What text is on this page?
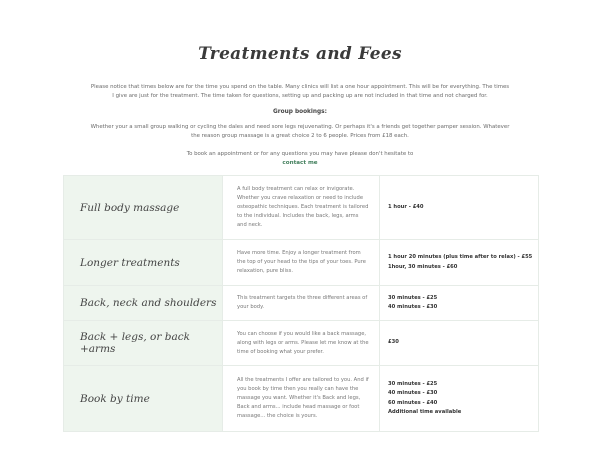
Treatments and Fees

Please notice that times below are for the time you spend on the table. Many clinics will list a one hour appointment. This will be for everything. The times I give are just for the treatment. The time taken for questions, setting up and packing up are not included in that time and not charged for.

Group bookings:

Whether your a small group walking or cycling the dales and need sore legs rejuvenating. Or perhaps it's a friends get together pamper session. Whatever the reason group massage is a great choice 2 to 6 people. Prices from £18 each.

To book an appointment or for any questions you may have please don't hesitate to
contact me
Full body massage
A full body treatment can relax or invigorate. Whether you crave relaxation or need to include osteopathic techniques. Each treatment is tailored to the individual. Includes the back, legs, arms and neck.
1 hour - £40
Longer treatments
Have more time. Enjoy a longer treatment from the top of your head to the tips of your toes. Pure relaxation, pure bliss.
1 hour 20 minutes (plus time after to relax) - £55
1hour, 30 minutes - £60
Back, neck and shoulders	This treatment targets the three different areas of your body.
30 minutes - £25
40 minutes - £30
Back + legs, or back +arms
You can choose if you would like a back massage, along with legs or arms. Please let me know at the time of booking what your prefer.
£30
Book by time
All the treatments I offer are tailored to you. And if you book by time then you really can have the massage you want. Whether it's Back and legs, Back and arms... include head massage or foot massage... the choice is yours.
30 minutes - £25
40 minutes - £30
60 minutes - £40
Additional time available
